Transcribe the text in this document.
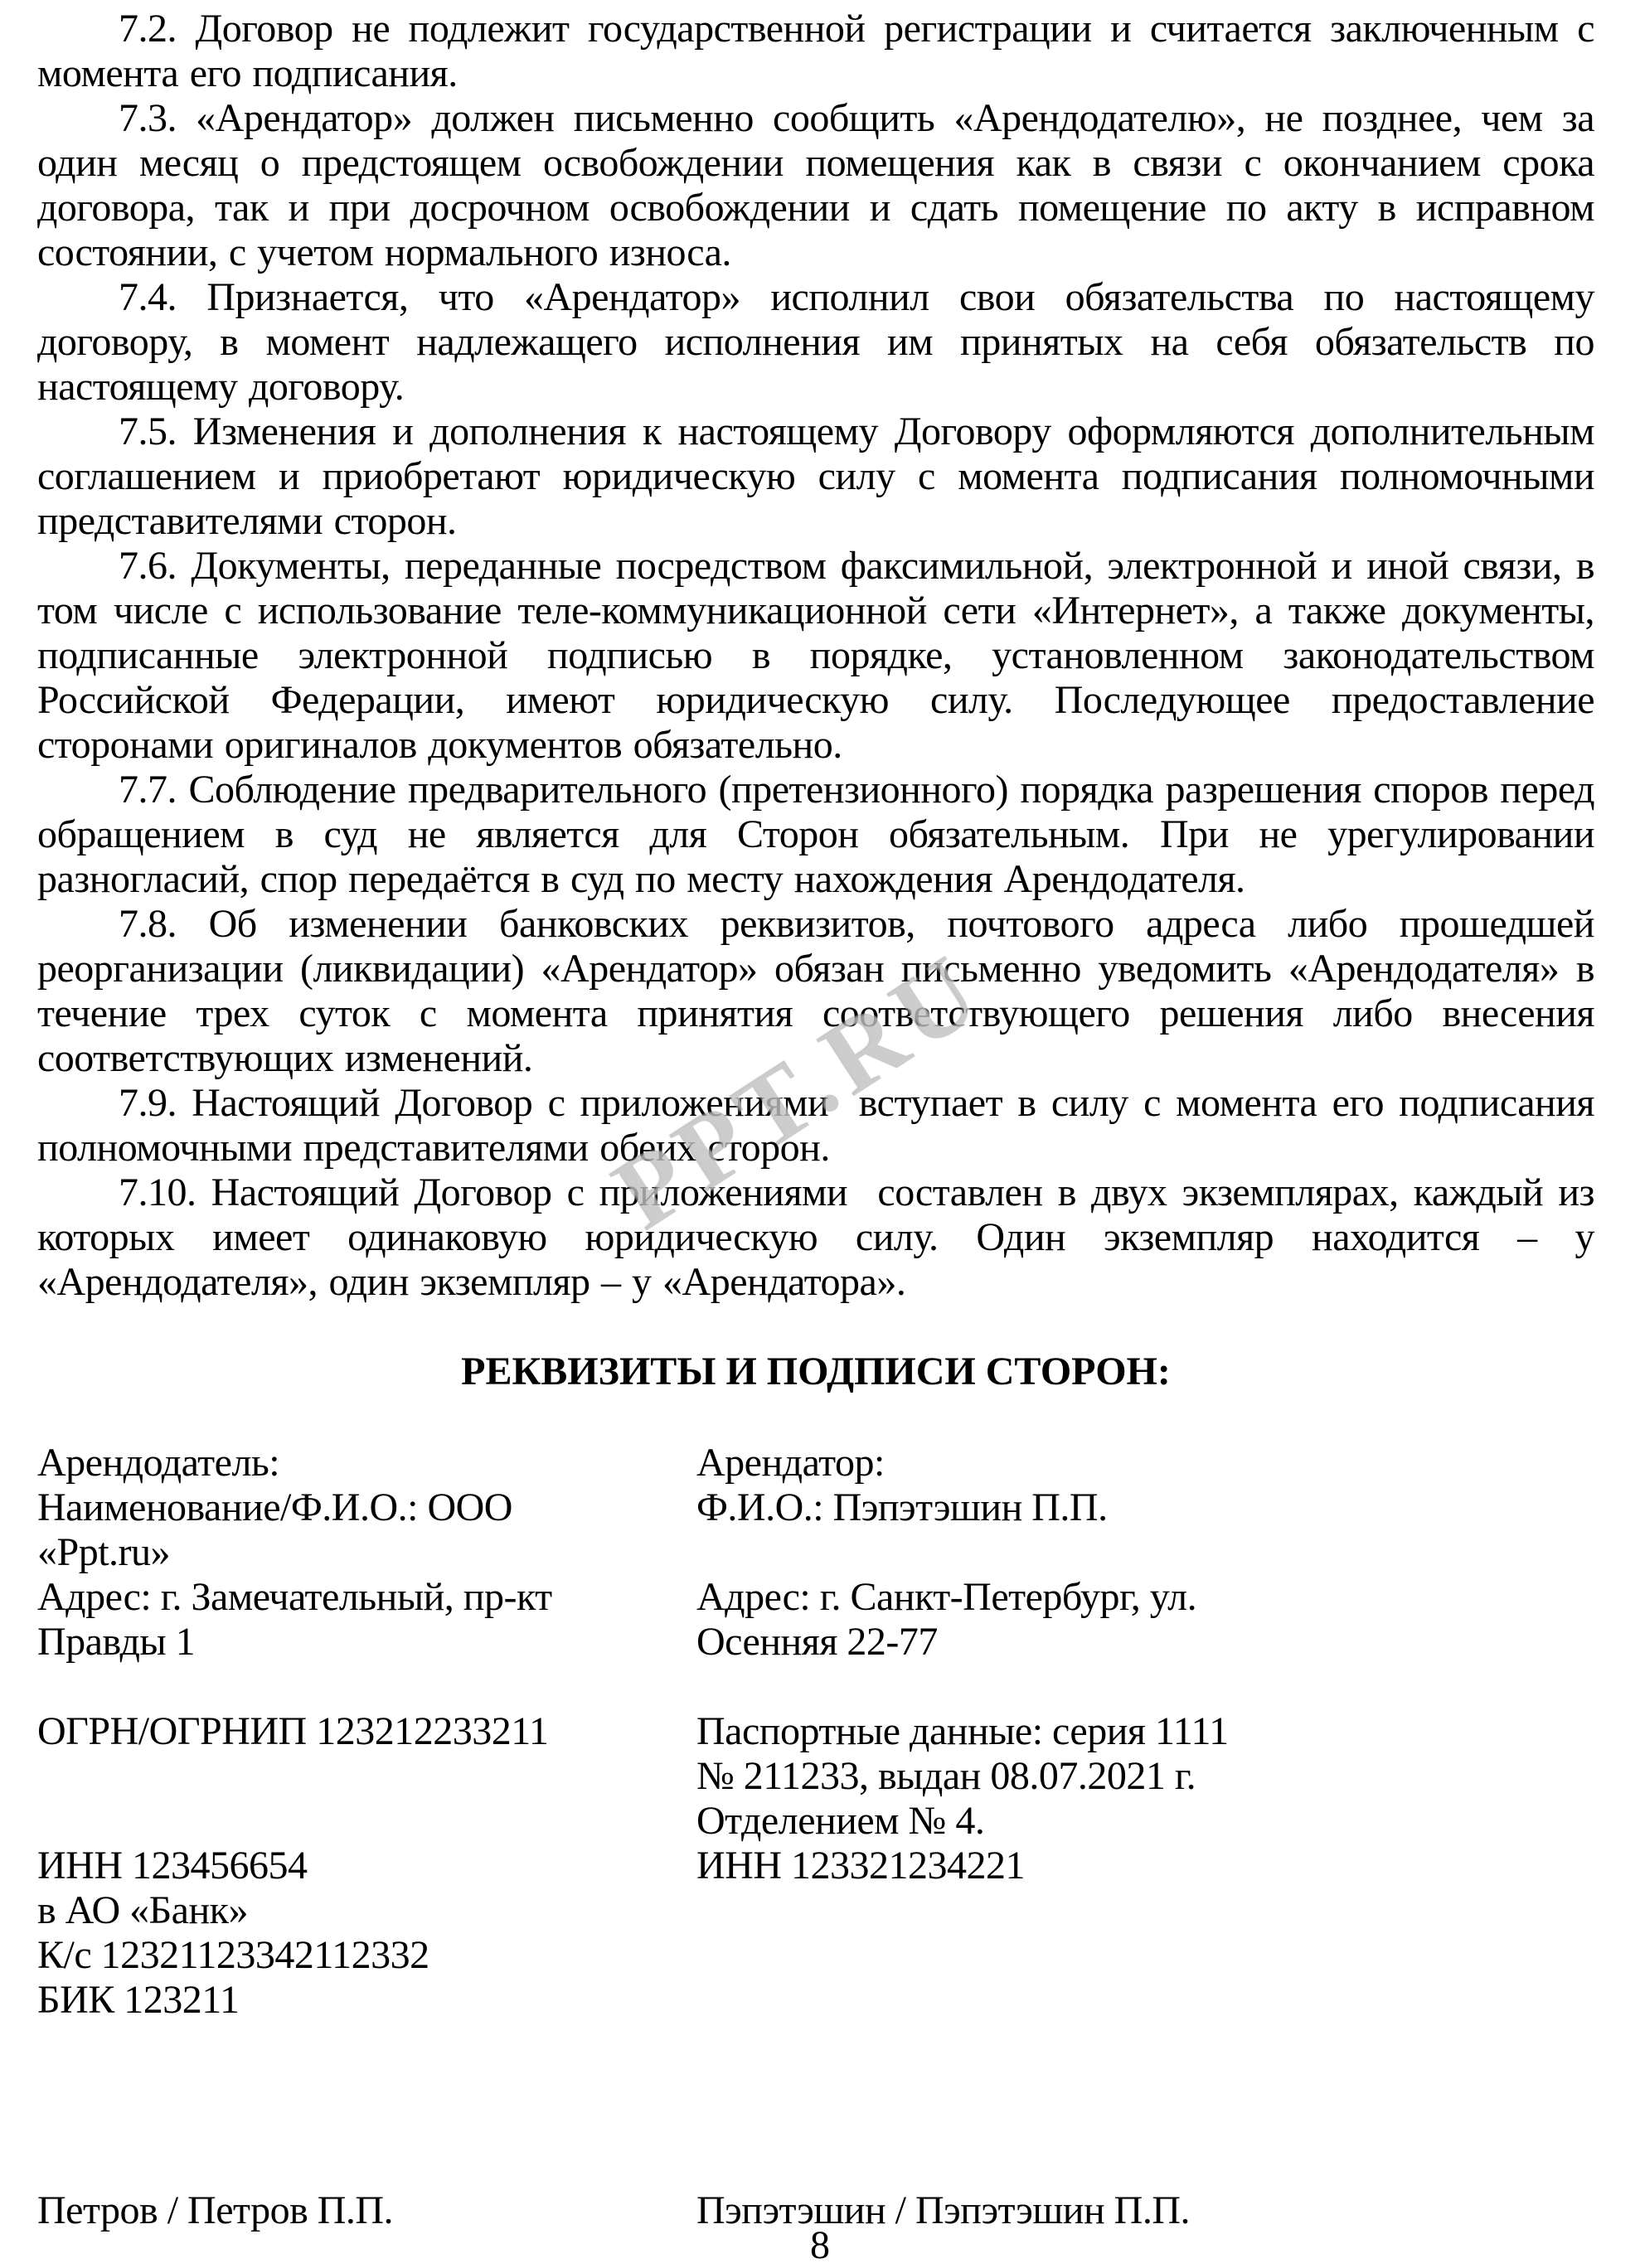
PPT.RU

7.2. Договор не подлежит государственной регистрации и считается заключенным с момента его подписания.

7.3. «Арендатор» должен письменно сообщить «Арендодателю», не позднее, чем за один месяц о предстоящем освобождении помещения как в связи с окончанием срока договора, так и при досрочном освобождении и сдать помещение по акту в исправном состоянии, с учетом нормального износа.

7.4. Признается, что «Арендатор» исполнил свои обязательства по настоящему договору, в момент надлежащего исполнения им принятых на себя обязательств по настоящему договору.

7.5. Изменения и дополнения к настоящему Договору оформляются дополнительным соглашением и приобретают юридическую силу с момента подписания полномочными представителями сторон.

7.6. Документы, переданные посредством факсимильной, электронной и иной связи, в том числе с использование теле-коммуникационной сети «Интернет», а также документы, подписанные электронной подписью в порядке, установленном законодательством Российской Федерации, имеют юридическую силу. Последующее предоставление сторонами оригиналов документов обязательно.

7.7. Соблюдение предварительного (претензионного) порядка разрешения споров перед обращением в суд не является для Сторон обязательным. При не урегулировании разногласий, спор передаётся в суд по месту нахождения Арендодателя.

7.8. Об изменении банковских реквизитов, почтового адреса либо прошедшей реорганизации (ликвидации) «Арендатор» обязан письменно уведомить «Арендодателя» в течение трех суток с момента принятия соответствующего решения либо внесения соответствующих изменений.

7.9. Настоящий Договор с приложениями  вступает в силу с момента его подписания полномочными представителями обеих сторон.

7.10. Настоящий Договор с приложениями  составлен в двух экземплярах, каждый из которых имеет одинаковую юридическую силу. Один экземпляр находится – у «Арендодателя», один экземпляр – у «Арендатора».

РЕКВИЗИТЫ И ПОДПИСИ СТОРОН:
Арендодатель:
Наименование/Ф.И.О.: ООО
«Ppt.ru»
Адрес: г. Замечательный, пр-кт
Правды 1
ОГРН/ОГРНИП 123212233211
ИНН 123456654
в АО «Банк»
К/с 12321123342112332
БИК 123211
Арендатор:
Ф.И.О.: Пэпэтэшин П.П.
Адрес: г. Санкт-Петербург, ул.
Осенняя 22-77
Паспортные данные: серия 1111
№ 211233, выдан 08.07.2021 г.
Отделением № 4.
ИНН 123321234221
Петров / Петров П.П.	Пэпэтэшин / Пэпэтэшин П.П.
8
